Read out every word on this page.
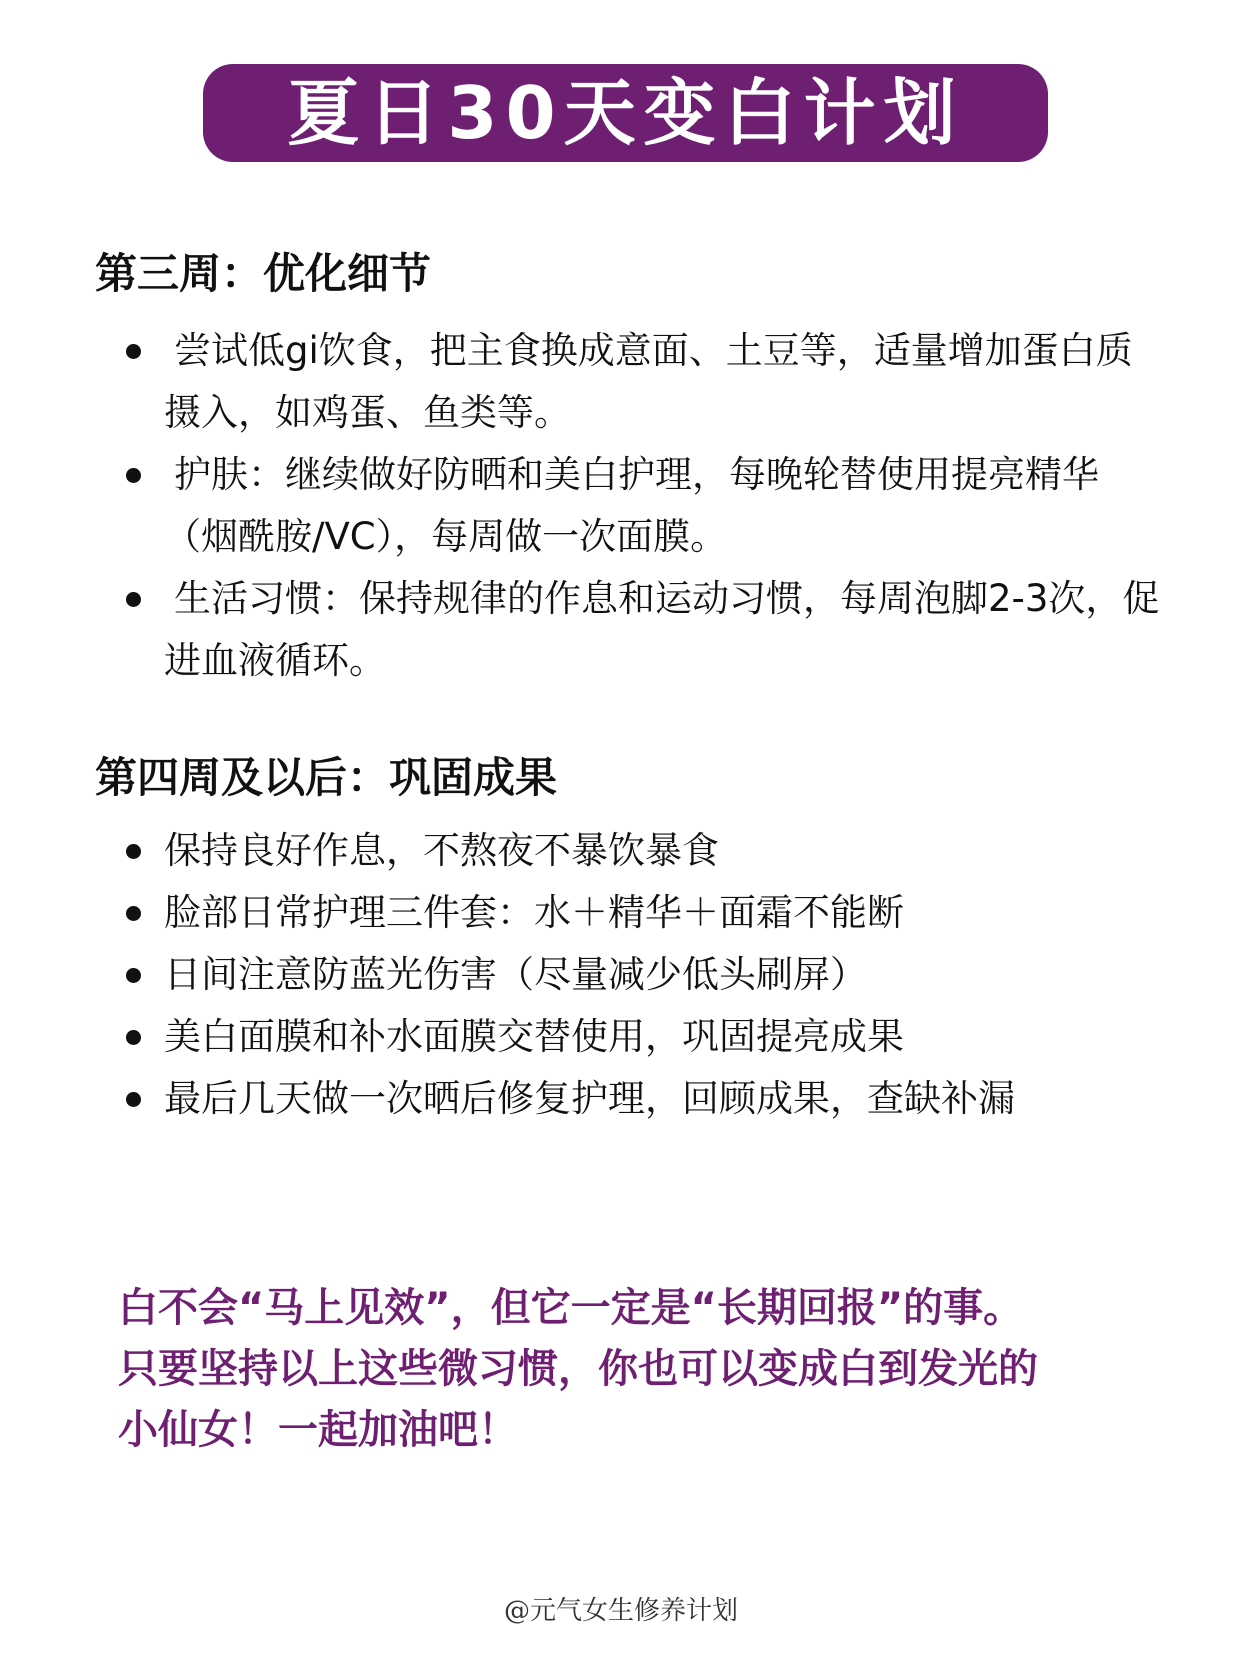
夏日30天变白计划
第三周：优化细节
尝试低gi饮食，把主食换成意面、土豆等，适量增加蛋白质摄入，如鸡蛋、鱼类等。
护肤：继续做好防晒和美白护理，每晚轮替使用提亮精华（烟酰胺/VC），每周做一次面膜。
生活习惯：保持规律的作息和运动习惯，每周泡脚2-3次，促进血液循环。
第四周及以后：巩固成果
保持良好作息，不熬夜不暴饮暴食
脸部日常护理三件套：水＋精华＋面霜不能断
日间注意防蓝光伤害（尽量减少低头刷屏）
美白面膜和补水面膜交替使用，巩固提亮成果
最后几天做一次晒后修复护理，回顾成果，查缺补漏
白不会“马上见效”，但它一定是“长期回报”的事。
只要坚持以上这些微习惯，你也可以变成白到发光的
小仙女！一起加油吧！
@元气女生修养计划
